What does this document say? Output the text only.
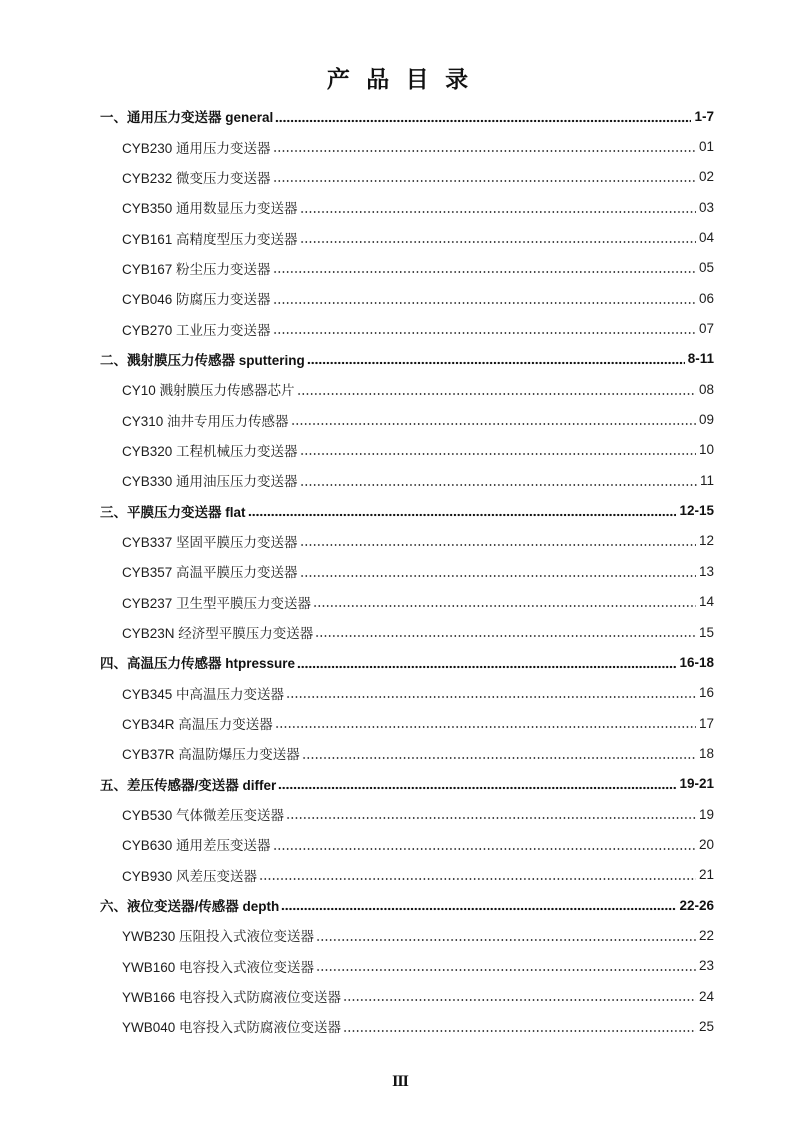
产 品 目 录
一、通用压力变送器 general	1-7
CYB230 通用压力变送器	01
CYB232 微变压力变送器	02
CYB350 通用数显压力变送器	03
CYB161 高精度型压力变送器	04
CYB167 粉尘压力变送器	05
CYB046 防腐压力变送器	06
CYB270 工业压力变送器	07
二、溅射膜压力传感器 sputtering	8-11
CY10 溅射膜压力传感器芯片	08
CY310 油井专用压力传感器	09
CYB320 工程机械压力变送器	10
CYB330 通用油压压力变送器	11
三、平膜压力变送器 flat	12-15
CYB337 坚固平膜压力变送器	12
CYB357 高温平膜压力变送器	13
CYB237 卫生型平膜压力变送器	14
CYB23N 经济型平膜压力变送器	15
四、高温压力传感器 htpressure	16-18
CYB345 中高温压力变送器	16
CYB34R 高温压力变送器	17
CYB37R 高温防爆压力变送器	18
五、差压传感器/变送器 differ	19-21
CYB530 气体微差压变送器	19
CYB630 通用差压变送器	20
CYB930 风差压变送器	21
六、液位变送器/传感器 depth	22-26
YWB230 压阻投入式液位变送器	22
YWB160 电容投入式液位变送器	23
YWB166 电容投入式防腐液位变送器	24
YWB040 电容投入式防腐液位变送器	25
III
